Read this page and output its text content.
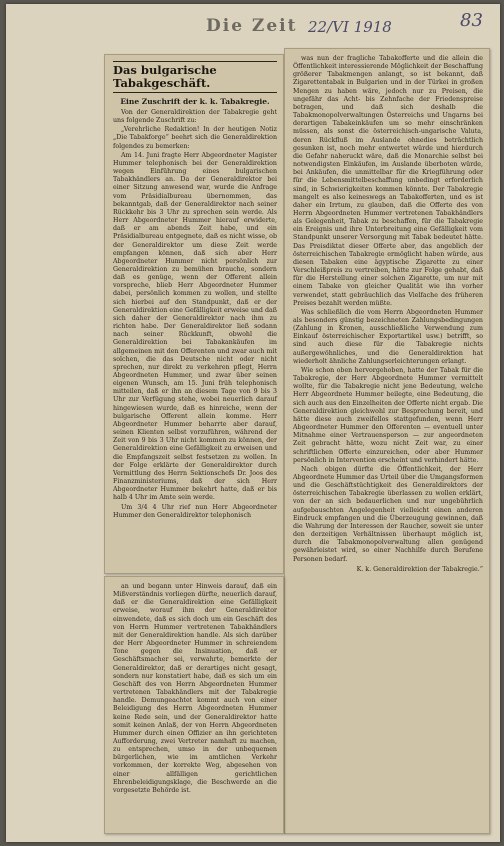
Die Zeit 22/VI 1918	83
Das bulgarische Tabakgeschäft.
Eine Zuschrift der k. k. Tabakregie.

Von der Generaldirektion der Tabakregie geht uns folgende Zuschrift zu:

„Verehrliche Redaktion! In der heutigen Notiz „Die Tabakforge“ beehrt sich die Generaldirektion folgendes zu bemerken:

Am 14. Juni fragte Herr Abgeordneter Magister Hummer telephonisch bei der Generaldirektion wegen Einführung eines bulgarischen Tabakhändlers an. Da der Generaldirektor bei einer Sitzung anwesend war, wurde die Anfrage vom Präsidialbureau übernommen, das bekanntgab, daß der Generaldirektor nach seiner Rückkehr bis 3 Uhr zu sprechen sein werde. Als Herr Abgeordneter Hummer hierauf erwiderte, daß er am abends Zeit habe, und ein Präsidialbureau entgegnete, daß es nicht wisse, ob der Generaldirektor um diese Zeit werde empfangen können, daß sich aber Herr Abgeordneter Hummer nicht persönlich zur Generaldirektion zu bemühen brauche, sondern daß es genüge, wenn der Offerent allein vorspreche, blieb Herr Abgeordneter Hummer dabei, persönlich kommen zu wollen, und stellte sich hierbei auf den Standpunkt, daß er der Generaldirektion eine Gefälligkeit erweise und daß sich daher der Generaldirektor nach ihm zu richten habe. Der Generaldirektor ließ sodann nach seiner Rückkunft, obwohl die Generaldirektion bei Tabakankäufen im allgemeinen mit den Offerenten und zwar auch mit solchen, die das Deutsche nicht oder nicht sprechen, nur direkt zu verkehren pflegt, Herrn Abgeordneten Hummer, und zwar über seinen eigenen Wunsch, am 15. Juni früh telephonisch mitteilen, daß er ihn an diesem Tage von 9 bis 3 Uhr zur Verfügung stehe, wobei neuerlich darauf hingewiesen wurde, daß es hinreiche, wenn der bulgarische Offerent allein komme. Herr Abgeordneter Hummer beharrte aber darauf, seinen Klienten selbst vorzuführen, während der Zeit von 9 bis 3 Uhr nicht kommen zu können, der Generaldirektion eine Gefälligkeit zu erweisen und die Empfangszeit selbst festsetzen zu wollen. In der Folge erklärte der Generaldirektor durch Vermittlung des Herrn Sektionschefs Dr. Joos des Finanzministeriums, daß der sich Herr Abgeordneter Hummer bekehrt hatte, daß er bis halb 4 Uhr im Amte sein werde.

Um 3/4 4 Uhr rief nun Herr Abgeordneter Hummer den Generaldirektor telephonisch

was nun der fragliche Tabakofferte und die allein die Öffentlichkeit interessierende Möglichkeit der Beschaffung größerer Tabakmengen anlangt, so ist bekannt, daß Zigarettentabak in Bulgarien und in der Türkei in großen Mengen zu haben wäre, jedoch nur zu Preisen, die ungefähr das Acht- bis Zehnfache der Friedenspreise betragen, und daß sich deshalb die Tabakmonopolverwaltungen Österreichs und Ungarns bei derartigen Tabakeinkäufen um so mehr einschränken müssen, als sonst die österreichisch-ungarische Valuta, deren Rückfluß im Auslande ohnedies beträchtlich gesunken ist, noch mehr entwertet würde und hierdurch die Gefahr naheruckt wäre, daß die Monarchie selbst bei notwendigsten Einkäufen, im Auslande überboten würde, bei Ankäufen, die unmittelbar für die Kriegführung oder für die Lebensmittelbeschaffung unbedingt erforderlich sind, in Schwierigkeiten kommen könnte. Der Tabakregie mangelt es also keineswegs an Tabakofferten, und es ist daher ein Irrtum, zu glauben, daß die Offerte des von Herrn Abgeordneten Hummer vertretenen Tabakhändlers als Gelegenheit, Tabak zu beschaffen, für die Tabakregie ein Ereignis und ihre Unterbreitung eine Gefälligkeit vom Standpunkt unserer Versorgung mit Tabak bedeutet hätte. Das Preisdiktat dieser Offerte aber, das angeblich der österreichischen Tabakregie ermöglicht haben würde, aus diesen Tabaken eine ägyptische Zigarette zu einer Verschleißpreis zu vertreiben, hätte zur Folge gehabt, daß für die Herstellung einer solchen Zigarette, um nur mit einem Tabake von gleicher Qualität wie ihn vorher verwendet, statt gebräuchlich das Vielfache des früheren Preises bezahlt werden müßte.

Was schließlich die vom Herrn Abgeordneten Hummer als besonders günstig bezeichneten Zahlungsbedingungen (Zahlung in Kronen, ausschließliche Verwendung zum Einkauf österreichischer Exportartikel usw.) betrifft, so sind auch diese für die Tabakregie nichts außergewöhnliches, und die Generaldirektion hat wiederholt ähnliche Zahlungserleichterungen erlangt.

Wie schon oben hervorgehoben, hatte der Tabak für die Tabakregie, der Herr Abgeordnete Hummer vermittelt wollte, für die Tabakregie nicht jene Bedeutung, welche Herr Abgeordnete Hummer beilegte, eine Bedeutung, die sich auch aus den Einzelheiten der Offerte nicht ergab. Die Generaldirektion gleichwohl zur Besprechung bereit, und hätte diese auch zweifellos stattgefunden, wenn Herr Abgeordneter Hummer den Offerenten — eventuell unter Mitnahme einer Vertrauensperson — zur angeordneten Zeit gebracht hätte, wozu nicht Zeit war, zu einer schriftlichen Offerte einzureichen, oder aber Hummer persönlich in Intervention erscheint und verhindert hätte.

Nach obigen dürfte die Öffentlichkeit, der Herr Abgeordnete Hummer das Urteil über die Umgangsformen und die Geschäftstüchtigkeit des Generaldirektors der österreichischen Tabakregie überlassen zu wollen erklärt, von der an sich bedauerlichen und nur ungebührlich aufgebauschten Angelegenheit vielleicht einen anderen Eindruck empfangen und die Überzeugung gewinnen, daß die Wahrung der Interessen der Raucher, soweit sie unter den derzeitigen Verhältnissen überhaupt möglich ist, durch die Tabakmonopolverwaltung allen genügend gewährleistet wird, so einer Nachhilfe durch Berufene Personen bedarf.

K. k. Generaldirektion der Tabakregie.“

an und begann unter Hinweis darauf, daß ein Mißverständnis vorliegen dürfte, neuerlich darauf, daß er die Generaldirektion eine Gefälligkeit erweise, worauf ihm der Generaldirektor einwendete, daß es sich doch um ein Geschäft des von Herrn Hummer vertretenen Tabakhändlers mit der Generaldirektion handle. Als sich darüber der Herr Abgeordneter Hummer in schreiendem Tone gegen die Insinuation, daß er Geschäftsmacher sei, verwahrte, bemerkte der Generaldirektor, daß er derartiges nicht gesagt, sondern nur konstatiert habe, daß es sich um ein Geschäft des von Herrn Abgeordneten Hummer vertretenen Tabakhändlers mit der Tabakregie handle. Demungeachtet kommt auch von einer Beleidigung des Herrn Abgeordneten Hummer keine Rede sein, und der Generaldirektor hatte somit keinen Anlaß, der von Herrn Abgeordneten Hummer durch einen Offizier an ihn gerichteten Aufforderung, zwei Vertreter namhaft zu machen, zu entsprechen, umso in der unbequemen bürgerlichen, wie im amtlichen Verkehr vorkommen, der korrekte Weg, abgesehen von einer allfälligen gerichtlichen Ehrenbeleidigungsklage, die Beschwerde an die vorgesetzte Behörde ist.
